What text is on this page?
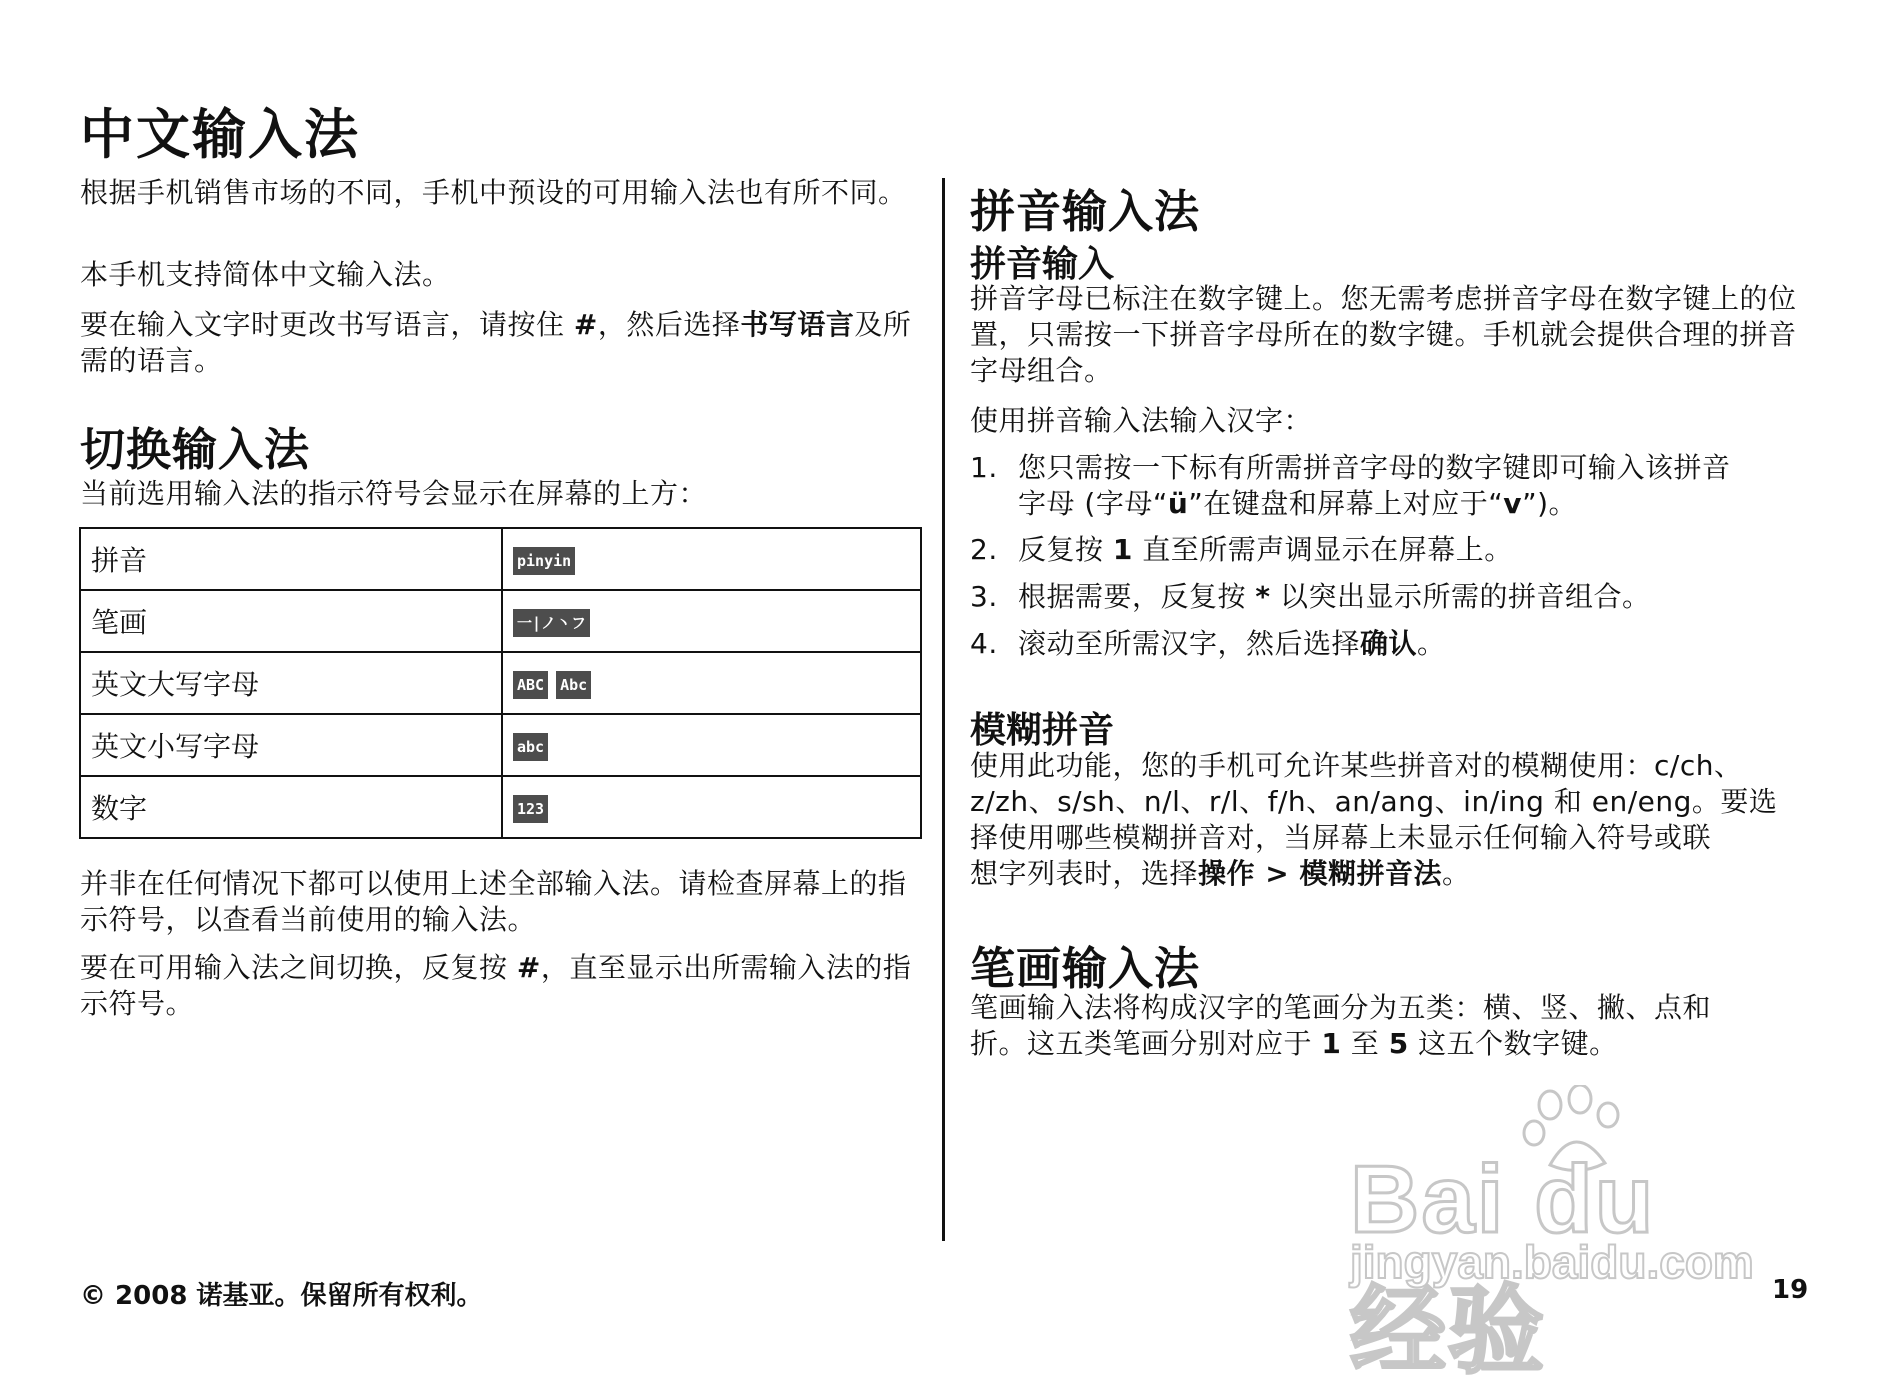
中文输入法
根据手机销售市场的不同，手机中预设的可用输入法也有所不同。
本手机支持简体中文输入法。
要在输入文字时更改书写语言，请按住 #，然后选择书写语言及所需的语言。
切换输入法
当前选用输入法的指示符号会显示在屏幕的上方：
拼音	pinyin
笔画	一|ノ丶フ
英文大写字母	ABC Abc
英文小写字母	abc
数字	123
并非在任何情况下都可以使用上述全部输入法。请检查屏幕上的指示符号，以查看当前使用的输入法。
要在可用输入法之间切换，反复按 #，直至显示出所需输入法的指示符号。
拼音输入法
拼音输入
拼音字母已标注在数字键上。您无需考虑拼音字母在数字键上的位置，只需按一下拼音字母所在的数字键。手机就会提供合理的拼音字母组合。
使用拼音输入法输入汉字：
1. 您只需按一下标有所需拼音字母的数字键即可输入该拼音
字母 (字母“ü”在键盘和屏幕上对应于“v”)。
2. 反复按 1 直至所需声调显示在屏幕上。
3. 根据需要，反复按 * 以突出显示所需的拼音组合。
4. 滚动至所需汉字，然后选择确认。
模糊拼音
使用此功能，您的手机可允许某些拼音对的模糊使用：c/ch、
z/zh、s/sh、n/l、r/l、f/h、an/ang、in/ing 和 en/eng。要选
择使用哪些模糊拼音对，当屏幕上未显示任何输入符号或联
想字列表时，选择操作 > 模糊拼音法。
笔画输入法
笔画输入法将构成汉字的笔画分为五类：横、竖、撇、点和
折。这五类笔画分别对应于 1 至 5 这五个数字键。
Bai du 经验
jingyan.baidu.com
© 2008 诺基亚。保留所有权利。	19
